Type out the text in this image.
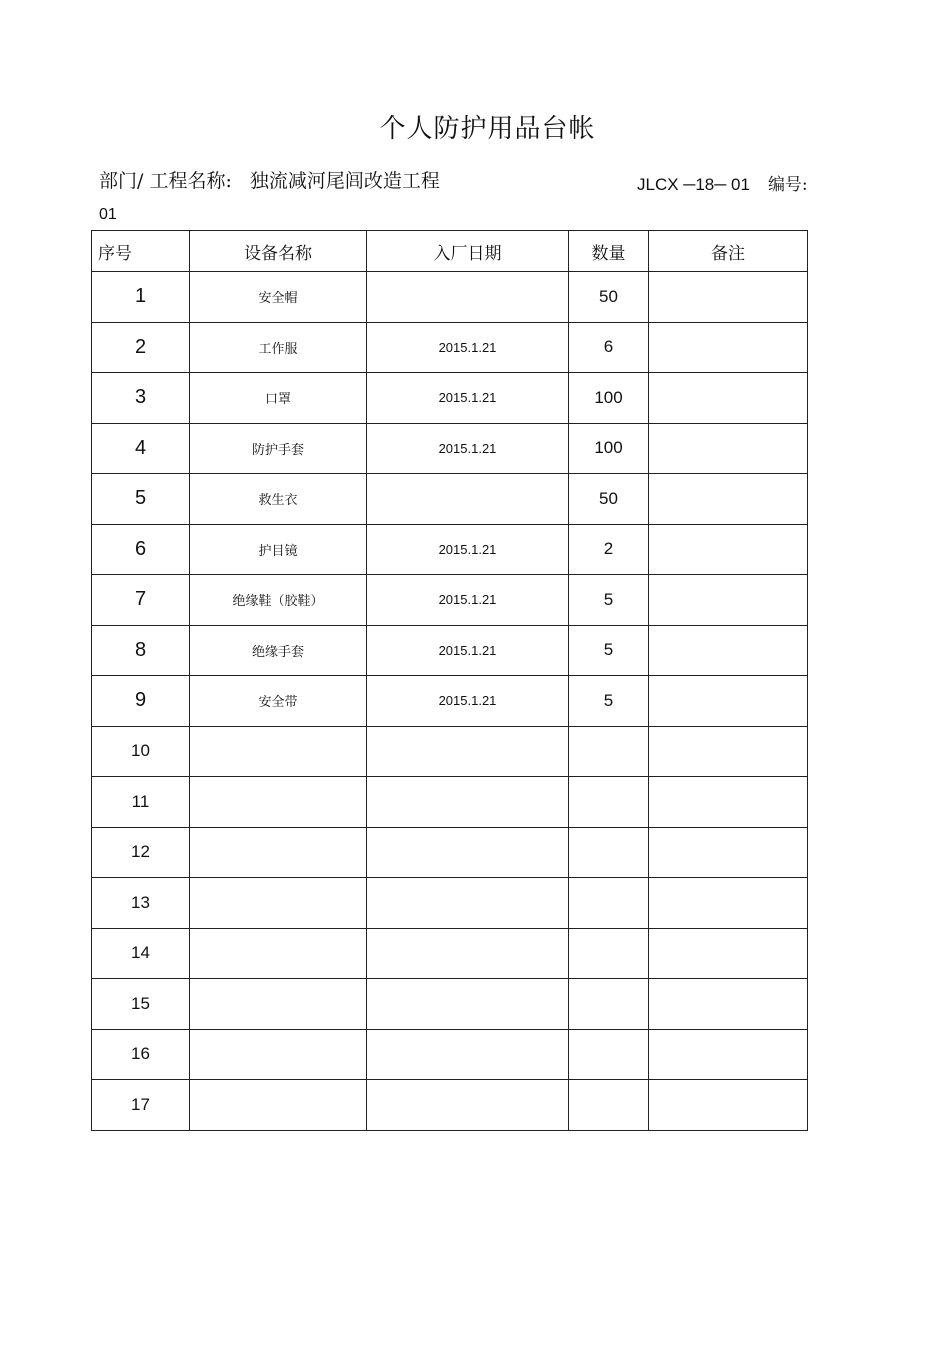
个人防护用品台帐
部门/ 工程名称: 独流减河尾闾改造工程	JLCX ─18─ 01 编号:
01
序号	设备名称	入厂日期	数量	备注
1	安全帽		50	
2	工作服	2015.1.21	6	
3	口罩	2015.1.21	100	
4	防护手套	2015.1.21	100	
5	救生衣		50	
6	护目镜	2015.1.21	2	
7	绝缘鞋（胶鞋）	2015.1.21	5	
8	绝缘手套	2015.1.21	5	
9	安全带	2015.1.21	5	
10				
11				
12				
13				
14				
15				
16				
17				
